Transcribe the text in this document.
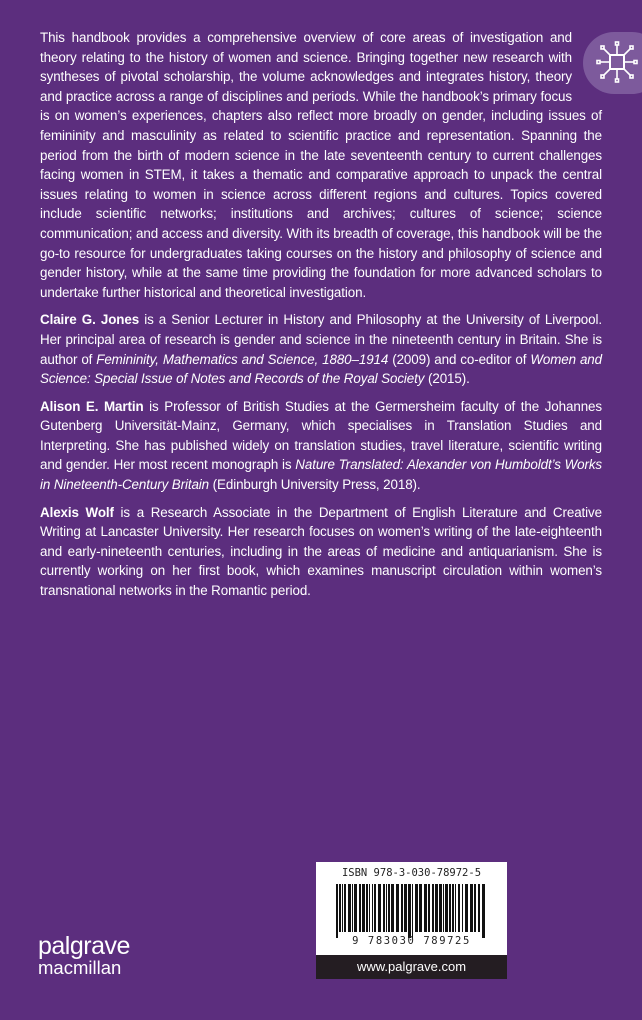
This handbook provides a comprehensive overview of core areas of investigation and theory relating to the history of women and science. Bringing together new research with syntheses of pivotal scholarship, the volume acknowledges and integrates history, theory and practice across a range of disciplines and periods. While the handbook’s primary focus is on women’s experiences, chapters also reflect more broadly on gender, including issues of femininity and masculinity as related to scientific practice and representation. Spanning the period from the birth of modern science in the late seventeenth century to current challenges facing women in STEM, it takes a thematic and comparative approach to unpack the central issues relating to women in science across different regions and cultures. Topics covered include scientific networks; institutions and archives; cultures of science; science communication; and access and diversity. With its breadth of coverage, this handbook will be the go-to resource for undergraduates taking courses on the history and philosophy of science and gender history, while at the same time providing the foundation for more advanced scholars to undertake further historical and theoretical investigation.

Claire G. Jones is a Senior Lecturer in History and Philosophy at the University of Liverpool. Her principal area of research is gender and science in the nineteenth century in Britain. She is author of Femininity, Mathematics and Science, 1880–1914 (2009) and co-editor of Women and Science: Special Issue of Notes and Records of the Royal Society (2015).

Alison E. Martin is Professor of British Studies at the Germersheim faculty of the Johannes Gutenberg Universität-Mainz, Germany, which specialises in Translation Studies and Interpreting. She has published widely on translation studies, travel literature, scientific writing and gender. Her most recent monograph is Nature Translated: Alexander von Humboldt’s Works in Nineteenth-Century Britain (Edinburgh University Press, 2018).

Alexis Wolf is a Research Associate in the Department of English Literature and Creative Writing at Lancaster University. Her research focuses on women’s writing of the late-eighteenth and early-nineteenth centuries, including in the areas of medicine and antiquarianism. She is currently working on her first book, which examines manuscript circulation within women’s transnational networks in the Romantic period.

ISBN 978-3-030-78972-5
9 783030 789725
www.palgrave.com
palgrave
macmillan
